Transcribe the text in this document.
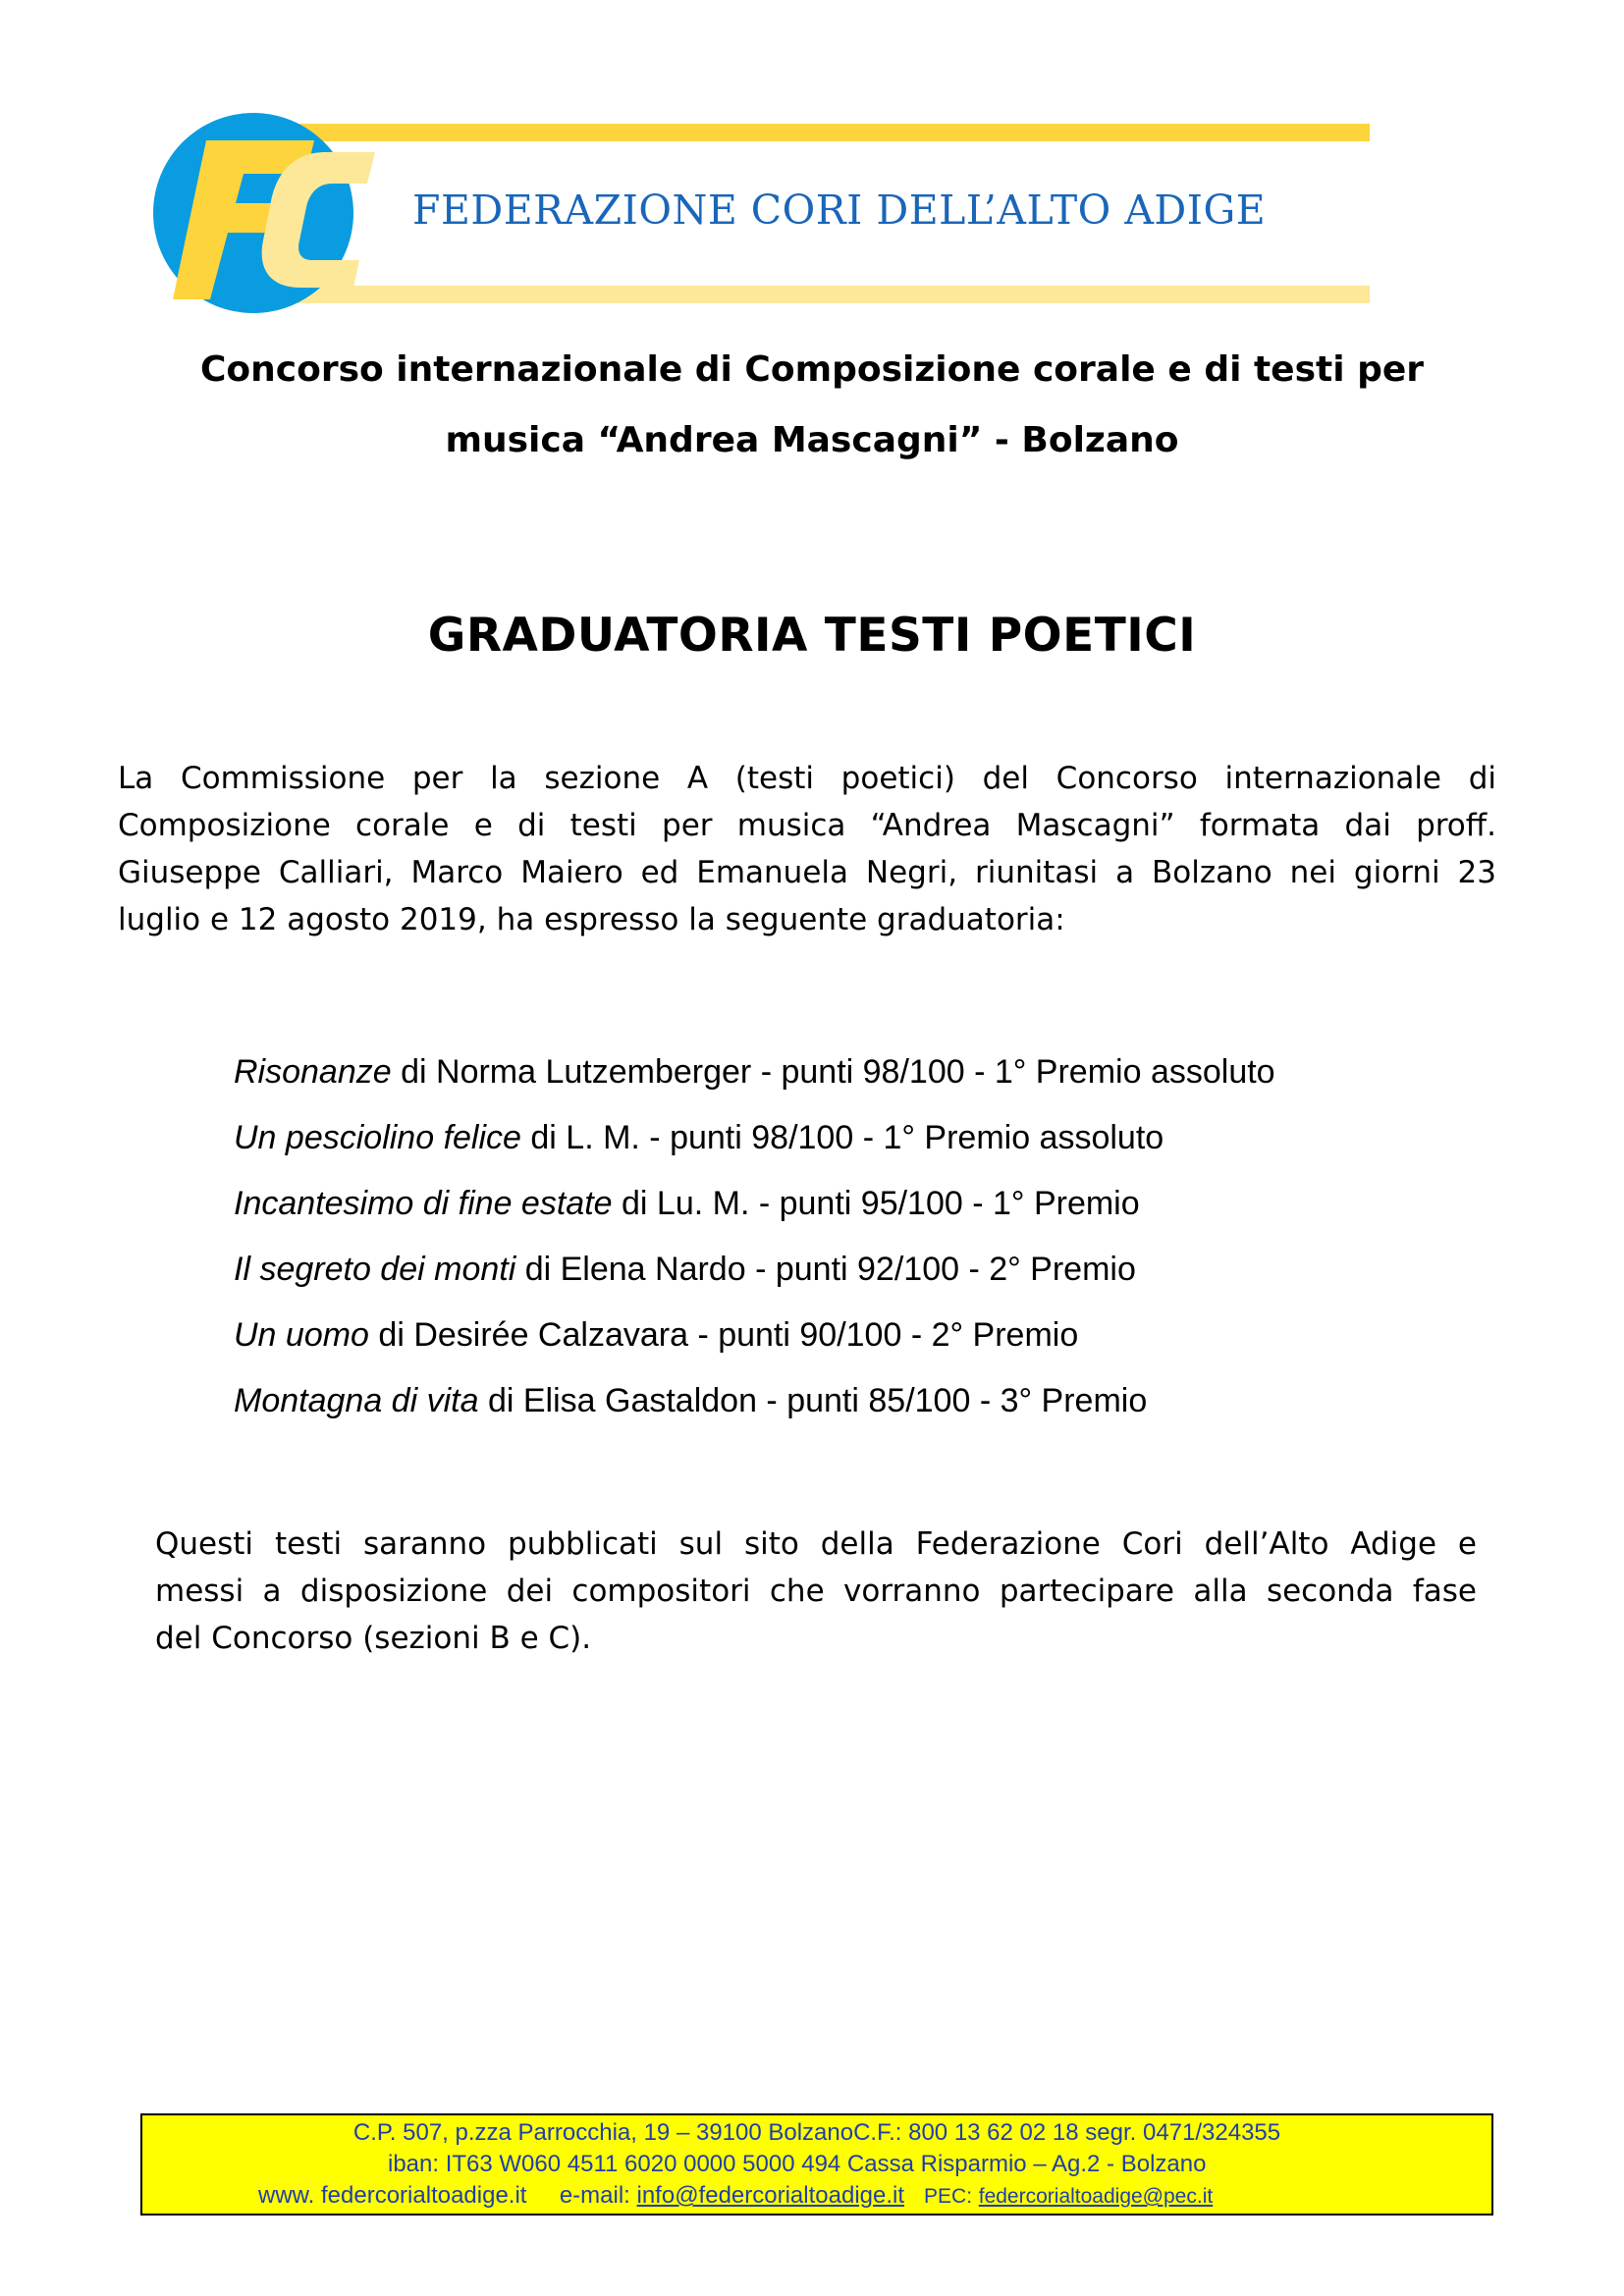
FEDERAZIONE CORI DELL’ALTO ADIGE
Concorso internazionale di Composizione corale e di testi per
musica “Andrea Mascagni” - Bolzano
GRADUATORIA TESTI POETICI
La Commissione per la sezione A (testi poetici) del Concorso internazionale di
Composizione corale e di testi per musica “Andrea Mascagni” formata dai proff.
Giuseppe Calliari, Marco Maiero ed Emanuela Negri, riunitasi a Bolzano nei giorni 23
luglio e 12 agosto 2019, ha espresso la seguente graduatoria:
Risonanze di Norma Lutzemberger - punti 98/100 - 1° Premio assoluto
Un pesciolino felice di L. M. - punti 98/100 - 1° Premio assoluto
Incantesimo di fine estate di Lu. M. - punti 95/100 - 1° Premio
Il segreto dei monti di Elena Nardo - punti 92/100 - 2° Premio
Un uomo di Desirée Calzavara - punti 90/100 - 2° Premio
Montagna di vita di Elisa Gastaldon - punti 85/100 - 3° Premio
Questi testi saranno pubblicati sul sito della Federazione Cori dell’Alto Adige e
messi a disposizione dei compositori che vorranno partecipare alla seconda fase
del Concorso (sezioni B e C).
C.P. 507, p.zza Parrocchia, 19 – 39100 BolzanoC.F.: 800 13 62 02 18 segr. 0471/324355
iban: IT63 W060 4511 6020 0000 5000 494 Cassa Risparmio – Ag.2 - Bolzano
www. federcorialtoadige.it e-mail: info@federcorialtoadige.it PEC: federcorialtoadige@pec.it
